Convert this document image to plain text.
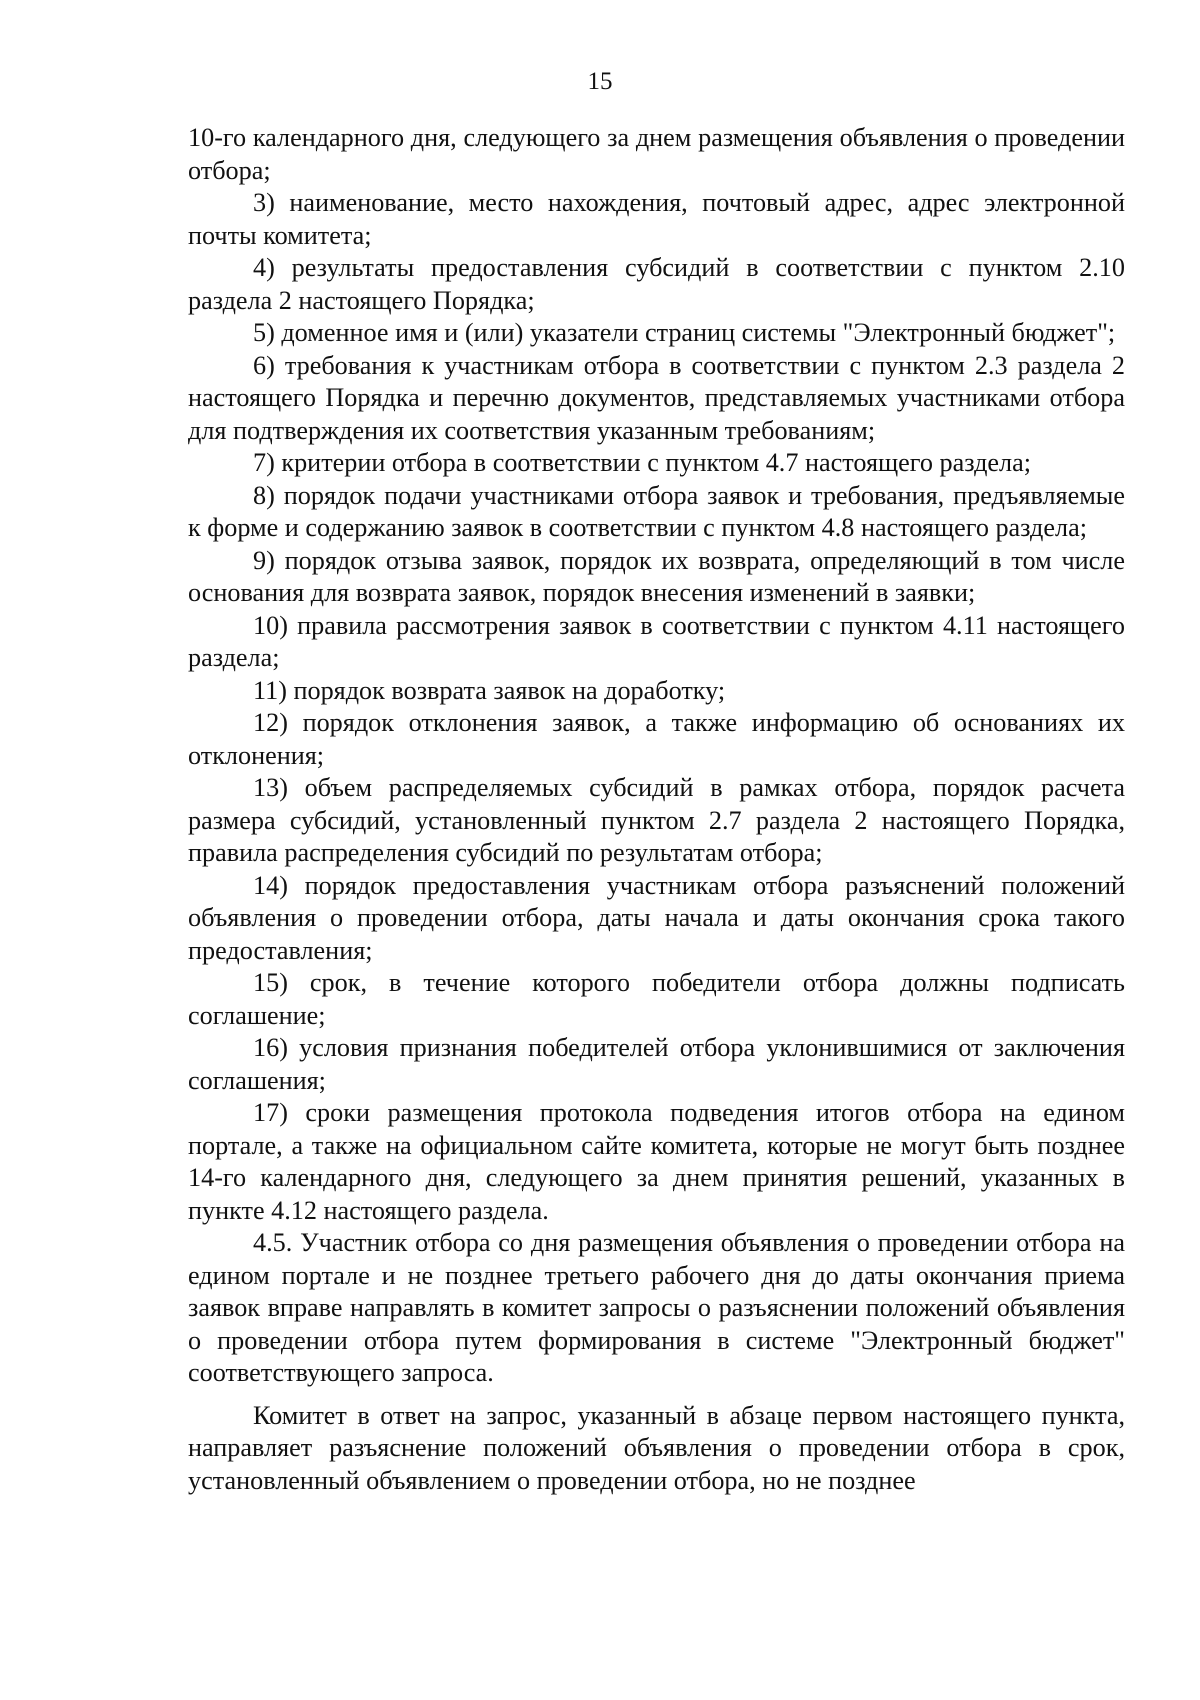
15

10-го календарного дня, следующего за днем размещения объявления о проведении отбора;

3) наименование, место нахождения, почтовый адрес, адрес электронной почты комитета;

4) результаты предоставления субсидий в соответствии с пунктом 2.10 раздела 2 настоящего Порядка;

5) доменное имя и (или) указатели страниц системы "Электронный бюджет";

6) требования к участникам отбора в соответствии с пунктом 2.3 раздела 2 настоящего Порядка и перечню документов, представляемых участниками отбора для подтверждения их соответствия указанным требованиям;

7) критерии отбора в соответствии с пунктом 4.7 настоящего раздела;

8) порядок подачи участниками отбора заявок и требования, предъявляемые к форме и содержанию заявок в соответствии с пунктом 4.8 настоящего раздела;

9) порядок отзыва заявок, порядок их возврата, определяющий в том числе основания для возврата заявок, порядок внесения изменений в заявки;

10) правила рассмотрения заявок в соответствии с пунктом 4.11 настоящего раздела;

11) порядок возврата заявок на доработку;

12) порядок отклонения заявок, а также информацию об основаниях их отклонения;

13) объем распределяемых субсидий в рамках отбора, порядок расчета размера субсидий, установленный пунктом 2.7 раздела 2 настоящего Порядка, правила распределения субсидий по результатам отбора;

14) порядок предоставления участникам отбора разъяснений положений объявления о проведении отбора, даты начала и даты окончания срока такого предоставления;

15) срок, в течение которого победители отбора должны подписать соглашение;

16) условия признания победителей отбора уклонившимися от заключения соглашения;

17) сроки размещения протокола подведения итогов отбора на едином портале, а также на официальном сайте комитета, которые не могут быть позднее 14-го календарного дня, следующего за днем принятия решений, указанных в пункте 4.12 настоящего раздела.

4.5. Участник отбора со дня размещения объявления о проведении отбора на едином портале и не позднее третьего рабочего дня до даты окончания приема заявок вправе направлять в комитет запросы о разъяснении положений объявления о проведении отбора путем формирования в системе "Электронный бюджет" соответствующего запроса.

Комитет в ответ на запрос, указанный в абзаце первом настоящего пункта, направляет разъяснение положений объявления о проведении отбора в срок, установленный объявлением о проведении отбора, но не позднее
